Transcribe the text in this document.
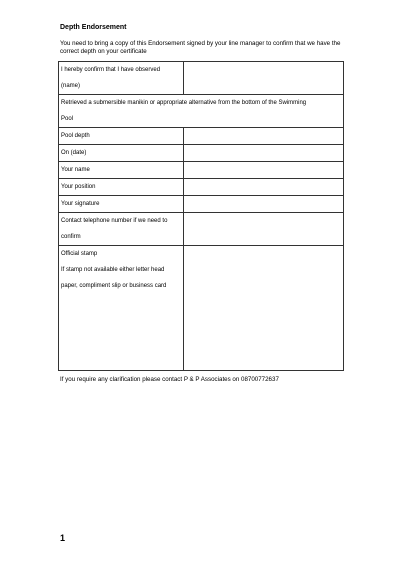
Depth Endorsement
You need to bring a copy of this Endorsement signed by your line manager to confirm that we have the correct depth on your certificate
I hereby confirm that I have observed
(name)	

Retrieved a submersible manikin or appropriate alternative from the bottom of the Swimming
Pool	

Pool depth	
On (date)	
Your name	
Your position	
Your signature	

Contact telephone number if we need to
confirm	

Official stamp
If stamp not available either letter head
paper, compliment slip or business card	

If you require any clarification please contact P & P Associates on 08700772637
1
